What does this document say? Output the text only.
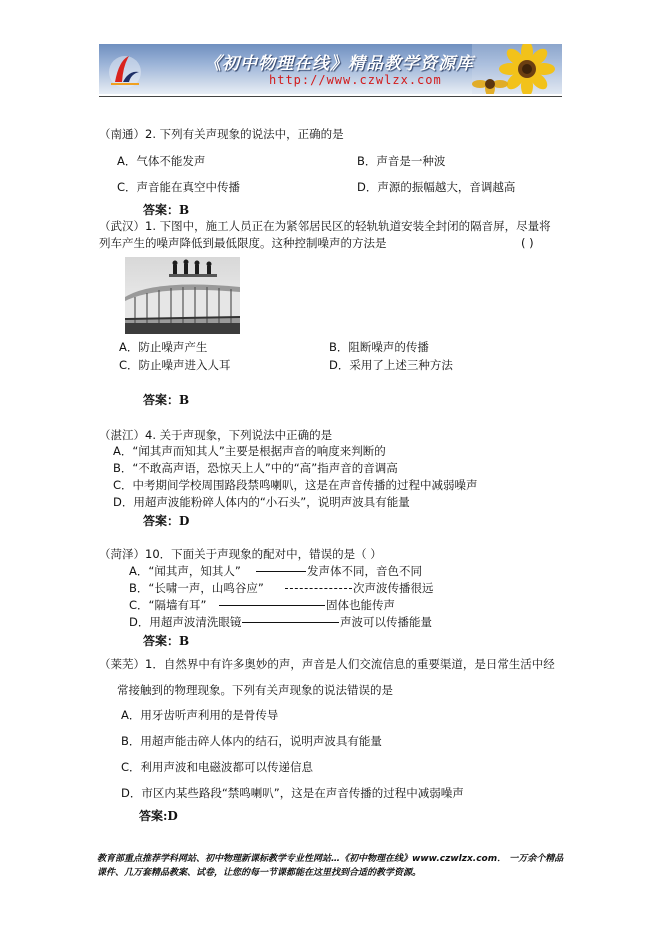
《初中物理在线》精品教学资源库
http://www.czwlzx.com
（南通）2. 下列有关声现象的说法中，正确的是
A．气体不能发声	B．声音是一种波
C．声音能在真空中传播	D．声源的振幅越大，音调越高
答案：B
（武汉）1. 下图中，施工人员正在为紧邻居民区的轻轨轨道安装全封闭的隔音屏，尽量将
列车产生的噪声降低到最低限度。这种控制噪声的方法是	( )
A．防止噪声产生	B．阻断噪声的传播
C．防止噪声进入人耳	D．采用了上述三种方法
答案：B
（湛江）4. 关于声现象，下列说法中正确的是
A．“闻其声而知其人”主要是根据声音的响度来判断的
B．“不敢高声语，恐惊天上人”中的“高”指声音的音调高
C．中考期间学校周围路段禁鸣喇叭，这是在声音传播的过程中减弱噪声
D．用超声波能粉碎人体内的“小石头”，说明声波具有能量
答案：D
（菏泽）10．下面关于声现象的配对中，错误的是（ ）
A．“闻其声，知其人”	发声体不同，音色不同
B．“长啸一声，山鸣谷应”	次声波传播很远
C．“隔墙有耳”	固体也能传声
D．用超声波清洗眼镜	声波可以传播能量
答案：B
（莱芜）1．自然界中有许多奥妙的声，声音是人们交流信息的重要渠道，是日常生活中经
常接触到的物理现象。下列有关声现象的说法错误的是
A．用牙齿听声利用的是骨传导
B．用超声能击碎人体内的结石，说明声波具有能量
C．利用声波和电磁波都可以传递信息
D．市区内某些路段“禁鸣喇叭”，这是在声音传播的过程中减弱噪声
答案:D
教育部重点推荐学科网站、初中物理新课标教学专业性网站…《初中物理在线》www.czwlzx.com． 一万余个精品课件、几万套精品教案、试卷，让您的每一节课都能在这里找到合适的教学资源。
